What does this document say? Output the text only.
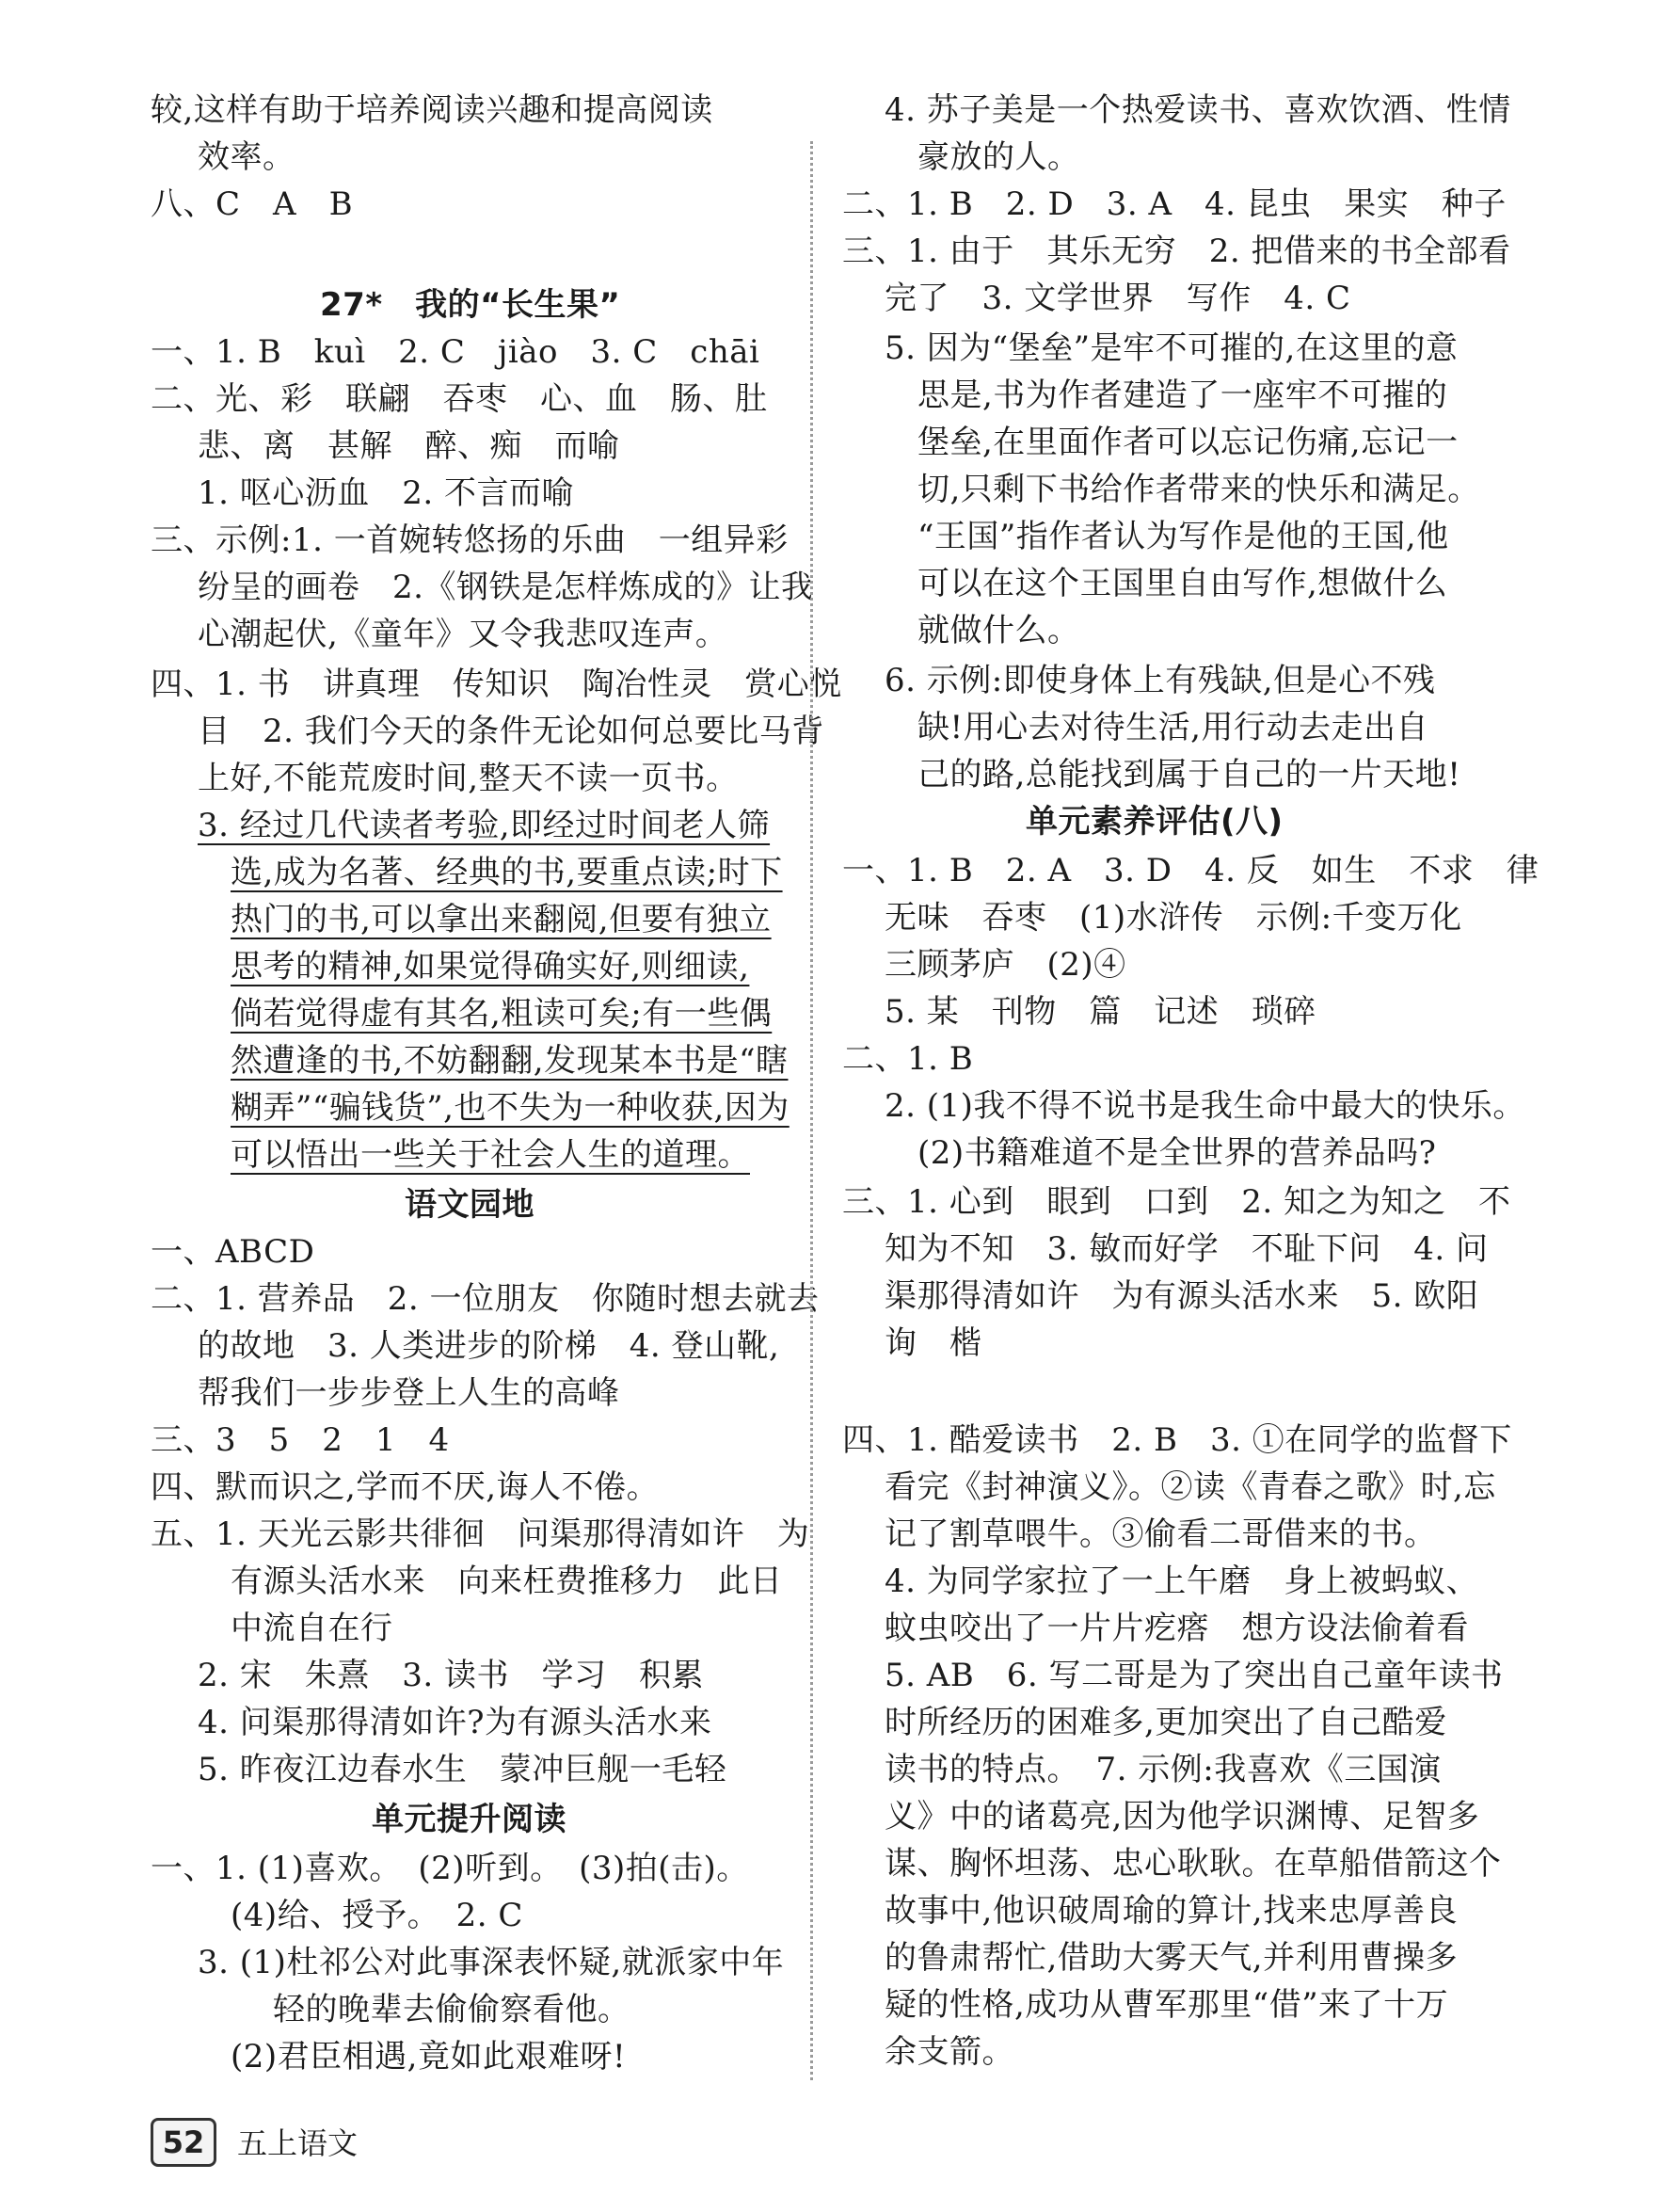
较,这样有助于培养阅读兴趣和提高阅读
效率。
八、C　A　B
27*　我的“长生果”
一、1. B　kuì　2. C　jiào　3. C　chāi
二、光、彩　联翩　吞枣　心、血　肠、肚
悲、离　甚解　醉、痴　而喻
1. 呕心沥血　2. 不言而喻
三、示例:1. 一首婉转悠扬的乐曲　一组异彩
纷呈的画卷　2.《钢铁是怎样炼成的》让我
心潮起伏,《童年》又令我悲叹连声。
四、1. 书　讲真理　传知识　陶冶性灵　赏心悦
目　2. 我们今天的条件无论如何总要比马背
上好,不能荒废时间,整天不读一页书。
3. 经过几代读者考验,即经过时间老人筛
选,成为名著、经典的书,要重点读;时下
热门的书,可以拿出来翻阅,但要有独立
思考的精神,如果觉得确实好,则细读,
倘若觉得虚有其名,粗读可矣;有一些偶
然遭逢的书,不妨翻翻,发现某本书是“瞎
糊弄”“骗钱货”,也不失为一种收获,因为
可以悟出一些关于社会人生的道理。
语文园地
一、ABCD
二、1. 营养品　2. 一位朋友　你随时想去就去
的故地　3. 人类进步的阶梯　4. 登山靴,
帮我们一步步登上人生的高峰
三、3　5　2　1　4
四、默而识之,学而不厌,诲人不倦。
五、1. 天光云影共徘徊　问渠那得清如许　为
有源头活水来　向来枉费推移力　此日
中流自在行
2. 宋　朱熹　3. 读书　学习　积累
4. 问渠那得清如许?为有源头活水来
5. 昨夜江边春水生　蒙冲巨舰一毛轻
单元提升阅读
一、1. (1)喜欢。　(2)听到。　(3)拍(击)。
(4)给、授予。　2. C
3. (1)杜祁公对此事深表怀疑,就派家中年
轻的晚辈去偷偷察看他。
(2)君臣相遇,竟如此艰难呀!
4. 苏子美是一个热爱读书、喜欢饮酒、性情
豪放的人。
二、1. B　2. D　3. A　4. 昆虫　果实　种子
三、1. 由于　其乐无穷　2. 把借来的书全部看
完了　3. 文学世界　写作　4. C
5. 因为“堡垒”是牢不可摧的,在这里的意
思是,书为作者建造了一座牢不可摧的
堡垒,在里面作者可以忘记伤痛,忘记一
切,只剩下书给作者带来的快乐和满足。
“王国”指作者认为写作是他的王国,他
可以在这个王国里自由写作,想做什么
就做什么。
6. 示例:即使身体上有残缺,但是心不残
缺!用心去对待生活,用行动去走出自
己的路,总能找到属于自己的一片天地!
单元素养评估(八)
一、1. B　2. A　3. D　4. 反　如生　不求　律
无味　吞枣　(1)水浒传　示例:千变万化
三顾茅庐　(2)④
5. 某　刊物　篇　记述　琐碎
二、1. B
2. (1)我不得不说书是我生命中最大的快乐。
(2)书籍难道不是全世界的营养品吗?
三、1. 心到　眼到　口到　2. 知之为知之　不
知为不知　3. 敏而好学　不耻下问　4. 问
渠那得清如许　为有源头活水来　5. 欧阳
询　楷
四、1. 酷爱读书　2. B　3. ①在同学的监督下
看完《封神演义》。②读《青春之歌》时,忘
记了割草喂牛。③偷看二哥借来的书。
4. 为同学家拉了一上午磨　身上被蚂蚁、
蚊虫咬出了一片片疙瘩　想方设法偷着看
5. AB　6. 写二哥是为了突出自己童年读书
时所经历的困难多,更加突出了自己酷爱
读书的特点。　7. 示例:我喜欢《三国演
义》中的诸葛亮,因为他学识渊博、足智多
谋、胸怀坦荡、忠心耿耿。在草船借箭这个
故事中,他识破周瑜的算计,找来忠厚善良
的鲁肃帮忙,借助大雾天气,并利用曹操多
疑的性格,成功从曹军那里“借”来了十万
余支箭。
52	五上语文
